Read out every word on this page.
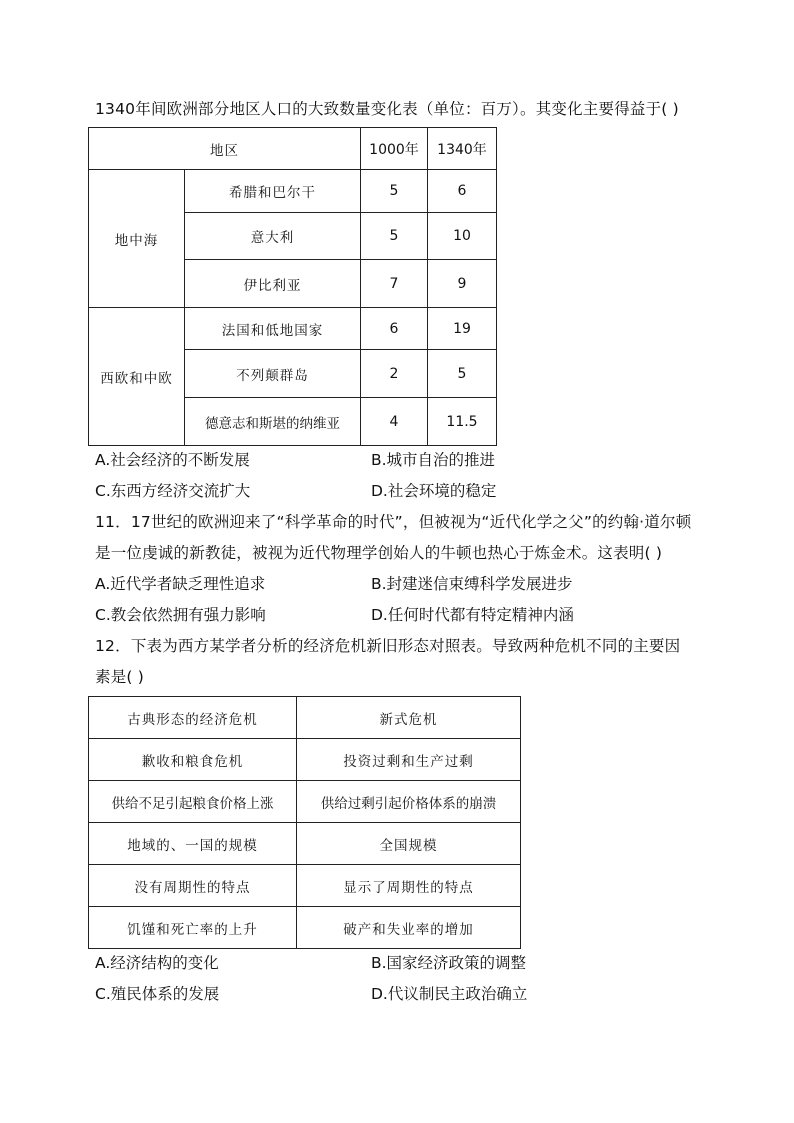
1340年间欧洲部分地区人口的大致数量变化表（单位：百万）。其变化主要得益于( )
地区		1000年	1340年
地中海	希腊和巴尔干	5	6
	意大利	5	10
	伊比利亚	7	9
西欧和中欧	法国和低地国家	6	19
	不列颠群岛	2	5
	德意志和斯堪的纳维亚	4	11.5
A.社会经济的不断发展	B.城市自治的推进
C.东西方经济交流扩大	D.社会环境的稳定
11．17世纪的欧洲迎来了“科学革命的时代”，但被视为“近代化学之父”的约翰·道尔顿
是一位虔诚的新教徒，被视为近代物理学创始人的牛顿也热心于炼金术。这表明( )
A.近代学者缺乏理性追求	B.封建迷信束缚科学发展进步
C.教会依然拥有强力影响	D.任何时代都有特定精神内涵
12．下表为西方某学者分析的经济危机新旧形态对照表。导致两种危机不同的主要因
素是( )
古典形态的经济危机	新式危机
歉收和粮食危机	投资过剩和生产过剩
供给不足引起粮食价格上涨	供给过剩引起价格体系的崩溃
地域的、一国的规模	全国规模
没有周期性的特点	显示了周期性的特点
饥馑和死亡率的上升	破产和失业率的增加
A.经济结构的变化	B.国家经济政策的调整
C.殖民体系的发展	D.代议制民主政治确立
